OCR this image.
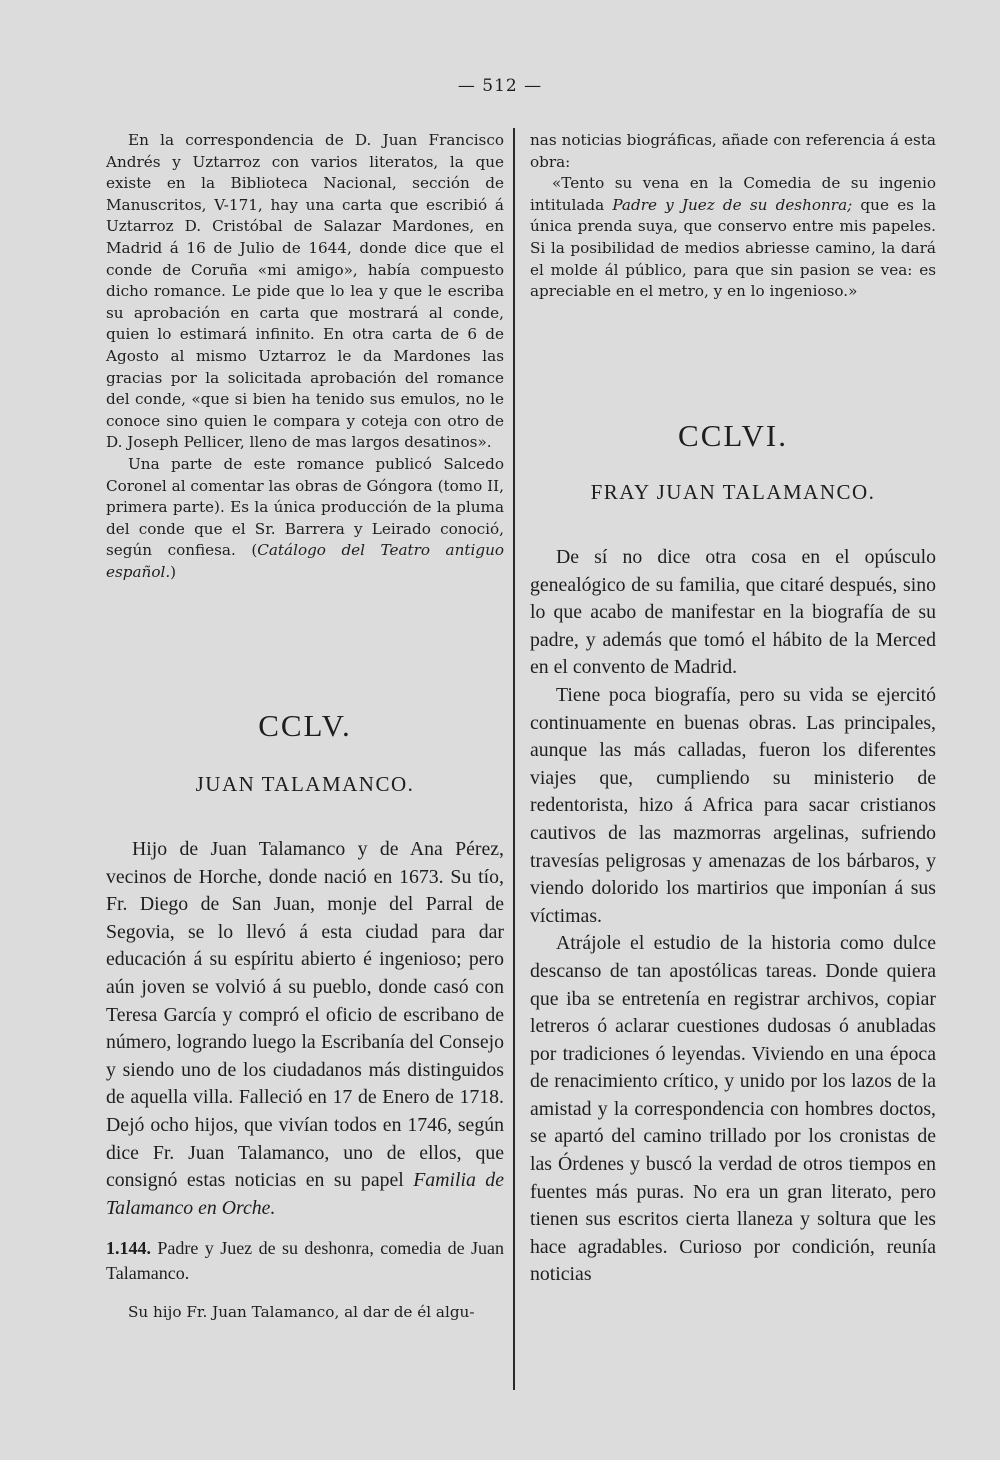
— 512 —

En la correspondencia de D. Juan Francisco Andrés y Uztarroz con varios literatos, la que existe en la Biblioteca Nacional, sección de Manuscritos, V-171, hay una carta que escribió á Uztarroz D. Cristóbal de Salazar Mardones, en Madrid á 16 de Julio de 1644, donde dice que el conde de Coruña «mi amigo», había compuesto dicho romance. Le pide que lo lea y que le escriba su aprobación en carta que mostrará al conde, quien lo estimará infinito. En otra carta de 6 de Agosto al mismo Uztarroz le da Mardones las gracias por la solicitada aprobación del romance del conde, «que si bien ha tenido sus emulos, no le conoce sino quien le compara y coteja con otro de D. Joseph Pellicer, lleno de mas largos desatinos».

Una parte de este romance publicó Salcedo Coronel al comentar las obras de Góngora (tomo II, primera parte). Es la única producción de la pluma del conde que el Sr. Barrera y Leirado conoció, según confiesa. (Catálogo del Teatro antiguo español.)

CCLV.
JUAN TALAMANCO.

Hijo de Juan Talamanco y de Ana Pérez, vecinos de Horche, donde nació en 1673. Su tío, Fr. Diego de San Juan, monje del Parral de Segovia, se lo llevó á esta ciudad para dar educación á su espíritu abierto é ingenioso; pero aún joven se volvió á su pueblo, donde casó con Teresa García y compró el oficio de escribano de número, logrando luego la Escribanía del Consejo y siendo uno de los ciudadanos más distinguidos de aquella villa. Falleció en 17 de Enero de 1718. Dejó ocho hijos, que vivían todos en 1746, según dice Fr. Juan Talamanco, uno de ellos, que consignó estas noticias en su papel Familia de Talamanco en Orche.

1.144. Padre y Juez de su deshonra, comedia de Juan Talamanco.

Su hijo Fr. Juan Talamanco, al dar de él algu-

nas noticias biográficas, añade con referencia á esta obra:

«Tento su vena en la Comedia de su ingenio intitulada Padre y Juez de su deshonra; que es la única prenda suya, que conservo entre mis papeles. Si la posibilidad de medios abriesse camino, la dará el molde ál público, para que sin pasion se vea: es apreciable en el metro, y en lo ingenioso.»

CCLVI.
FRAY JUAN TALAMANCO.

De sí no dice otra cosa en el opúsculo genealógico de su familia, que citaré después, sino lo que acabo de manifestar en la biografía de su padre, y además que tomó el hábito de la Merced en el convento de Madrid.

Tiene poca biografía, pero su vida se ejercitó continuamente en buenas obras. Las principales, aunque las más calladas, fueron los diferentes viajes que, cumpliendo su ministerio de redentorista, hizo á Africa para sacar cristianos cautivos de las mazmorras argelinas, sufriendo travesías peligrosas y amenazas de los bárbaros, y viendo dolorido los martirios que imponían á sus víctimas.

Atrájole el estudio de la historia como dulce descanso de tan apostólicas tareas. Donde quiera que iba se entretenía en registrar archivos, copiar letreros ó aclarar cuestiones dudosas ó anubladas por tradiciones ó leyendas. Viviendo en una época de renacimiento crítico, y unido por los lazos de la amistad y la correspondencia con hombres doctos, se apartó del camino trillado por los cronistas de las Órdenes y buscó la verdad de otros tiempos en fuentes más puras. No era un gran literato, pero tienen sus escritos cierta llaneza y soltura que les hace agradables. Curioso por condición, reunía noticias
